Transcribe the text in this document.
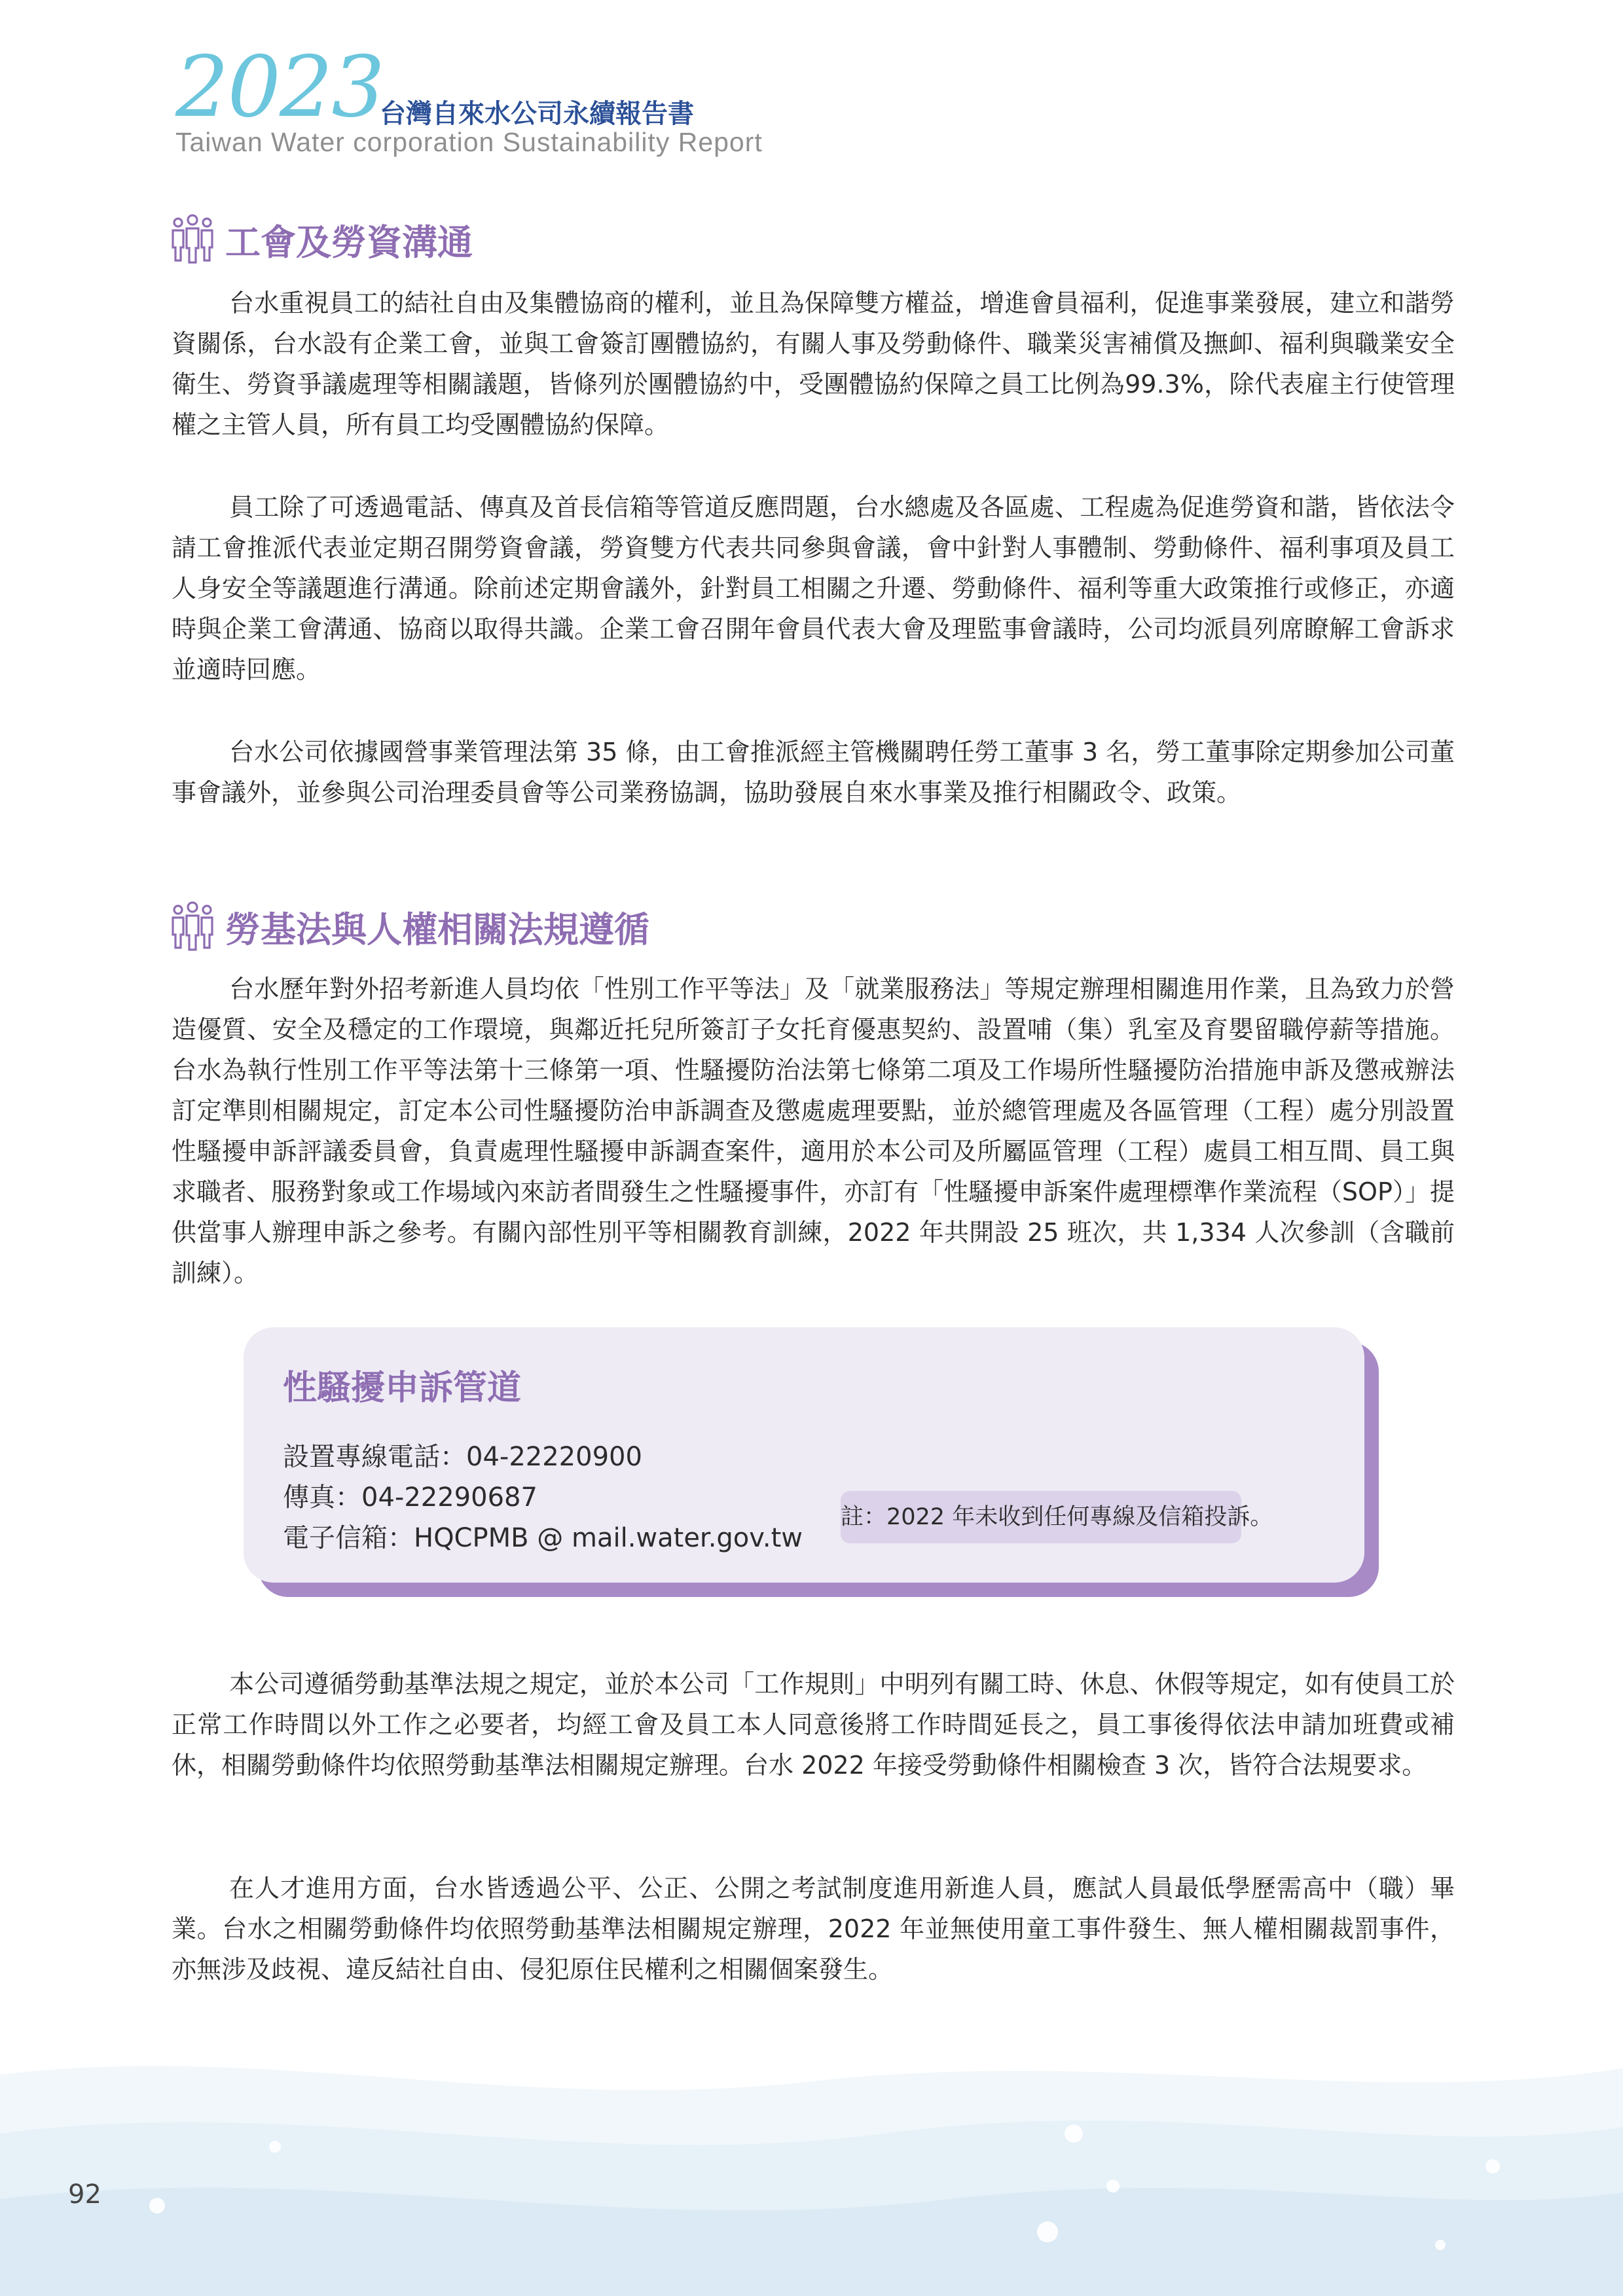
2023
台灣自來水公司永續報告書
Taiwan Water corporation Sustainability Report
工會及勞資溝通

台水重視員工的結社自由及集體協商的權利，並且為保障雙方權益，增進會員福利，促進事業發展，建立和諧勞資關係，台水設有企業工會，並與工會簽訂團體協約，有關人事及勞動條件、職業災害補償及撫卹、福利與職業安全衛生、勞資爭議處理等相關議題，皆條列於團體協約中，受團體協約保障之員工比例為99.3%，除代表雇主行使管理權之主管人員，所有員工均受團體協約保障。

員工除了可透過電話、傳真及首長信箱等管道反應問題，台水總處及各區處、工程處為促進勞資和諧，皆依法令請工會推派代表並定期召開勞資會議，勞資雙方代表共同參與會議，會中針對人事體制、勞動條件、福利事項及員工人身安全等議題進行溝通。除前述定期會議外，針對員工相關之升遷、勞動條件、福利等重大政策推行或修正，亦適時與企業工會溝通、協商以取得共識。企業工會召開年會員代表大會及理監事會議時，公司均派員列席瞭解工會訴求並適時回應。

台水公司依據國營事業管理法第 35 條，由工會推派經主管機關聘任勞工董事 3 名，勞工董事除定期參加公司董事會議外，並參與公司治理委員會等公司業務協調，協助發展自來水事業及推行相關政令、政策。

勞基法與人權相關法規遵循

台水歷年對外招考新進人員均依「性別工作平等法」及「就業服務法」等規定辦理相關進用作業，且為致力於營造優質、安全及穩定的工作環境，與鄰近托兒所簽訂子女托育優惠契約、設置哺（集）乳室及育嬰留職停薪等措施。台水為執行性別工作平等法第十三條第一項、性騷擾防治法第七條第二項及工作場所性騷擾防治措施申訴及懲戒辦法訂定準則相關規定，訂定本公司性騷擾防治申訴調查及懲處處理要點，並於總管理處及各區管理（工程）處分別設置性騷擾申訴評議委員會，負責處理性騷擾申訴調查案件，適用於本公司及所屬區管理（工程）處員工相互間、員工與求職者、服務對象或工作場域內來訪者間發生之性騷擾事件，亦訂有「性騷擾申訴案件處理標準作業流程（SOP）」提供當事人辦理申訴之參考。有關內部性別平等相關教育訓練，2022 年共開設 25 班次，共 1,334 人次參訓（含職前訓練）。

性騷擾申訴管道
設置專線電話：04-22220900
傳真：04-22290687
電子信箱：HQCPMB @ mail.water.gov.tw
註：2022 年未收到任何專線及信箱投訴。

本公司遵循勞動基準法規之規定，並於本公司「工作規則」中明列有關工時、休息、休假等規定，如有使員工於正常工作時間以外工作之必要者，均經工會及員工本人同意後將工作時間延長之，員工事後得依法申請加班費或補休，相關勞動條件均依照勞動基準法相關規定辦理。台水 2022 年接受勞動條件相關檢查 3 次，皆符合法規要求。

在人才進用方面，台水皆透過公平、公正、公開之考試制度進用新進人員，應試人員最低學歷需高中（職）畢業。台水之相關勞動條件均依照勞動基準法相關規定辦理，2022 年並無使用童工事件發生、無人權相關裁罰事件，亦無涉及歧視、違反結社自由、侵犯原住民權利之相關個案發生。

92
